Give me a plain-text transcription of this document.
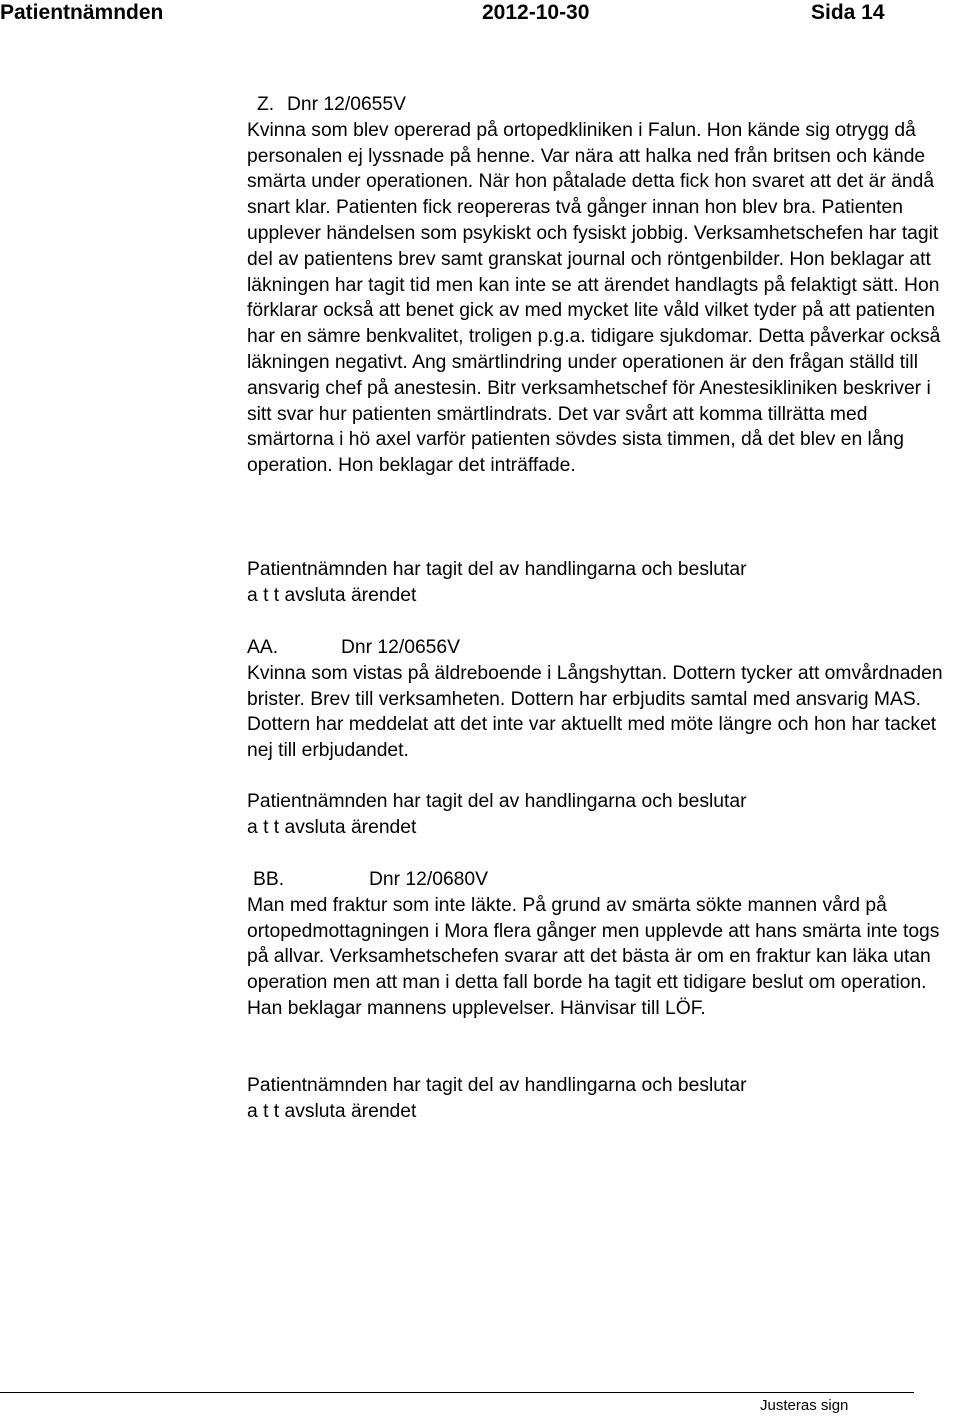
Patientnämnden	2012-10-30	Sida 14
Z. Dnr 12/0655V
Kvinna som blev opererad på ortopedkliniken i Falun. Hon kände sig otrygg då personalen ej lyssnade på henne. Var nära att halka ned från britsen och kände smärta under operationen. När hon påtalade detta fick hon svaret att det är ändå snart klar. Patienten fick reopereras två gånger innan hon blev bra. Patienten upplever händelsen som psykiskt och fysiskt jobbig. Verksamhetschefen har tagit del av patientens brev samt granskat journal och röntgenbilder. Hon beklagar att läkningen har tagit tid men kan inte se att ärendet handlagts på felaktigt sätt. Hon förklarar också att benet gick av med mycket lite våld vilket tyder på att patienten har en sämre benkvalitet, troligen p.g.a. tidigare sjukdomar. Detta påverkar också läkningen negativt. Ang smärtlindring under operationen är den frågan ställd till ansvarig chef på anestesin. Bitr verksamhetschef för Anestesikliniken beskriver i sitt svar hur patienten smärtlindrats. Det var svårt att komma tillrätta med smärtorna i hö axel varför patienten sövdes sista timmen, då det blev en lång operation. Hon beklagar det inträffade.
Patientnämnden har tagit del av handlingarna och beslutar
a t t avsluta ärendet
AA.	Dnr 12/0656V
Kvinna som vistas på äldreboende i Långshyttan. Dottern tycker att omvårdnaden brister. Brev till verksamheten. Dottern har erbjudits samtal med ansvarig MAS. Dottern har meddelat att det inte var aktuellt med möte längre och hon har tacket nej till erbjudandet.
Patientnämnden har tagit del av handlingarna och beslutar
a t t avsluta ärendet
BB.	Dnr 12/0680V
Man med fraktur som inte läkte. På grund av smärta sökte mannen vård på ortopedmottagningen i Mora flera gånger men upplevde att hans smärta inte togs på allvar. Verksamhetschefen svarar att det bästa är om en fraktur kan läka utan operation men att man i detta fall borde ha tagit ett tidigare beslut om operation. Han beklagar mannens upplevelser. Hänvisar till LÖF.
Patientnämnden har tagit del av handlingarna och beslutar
a t t avsluta ärendet
Justeras sign
